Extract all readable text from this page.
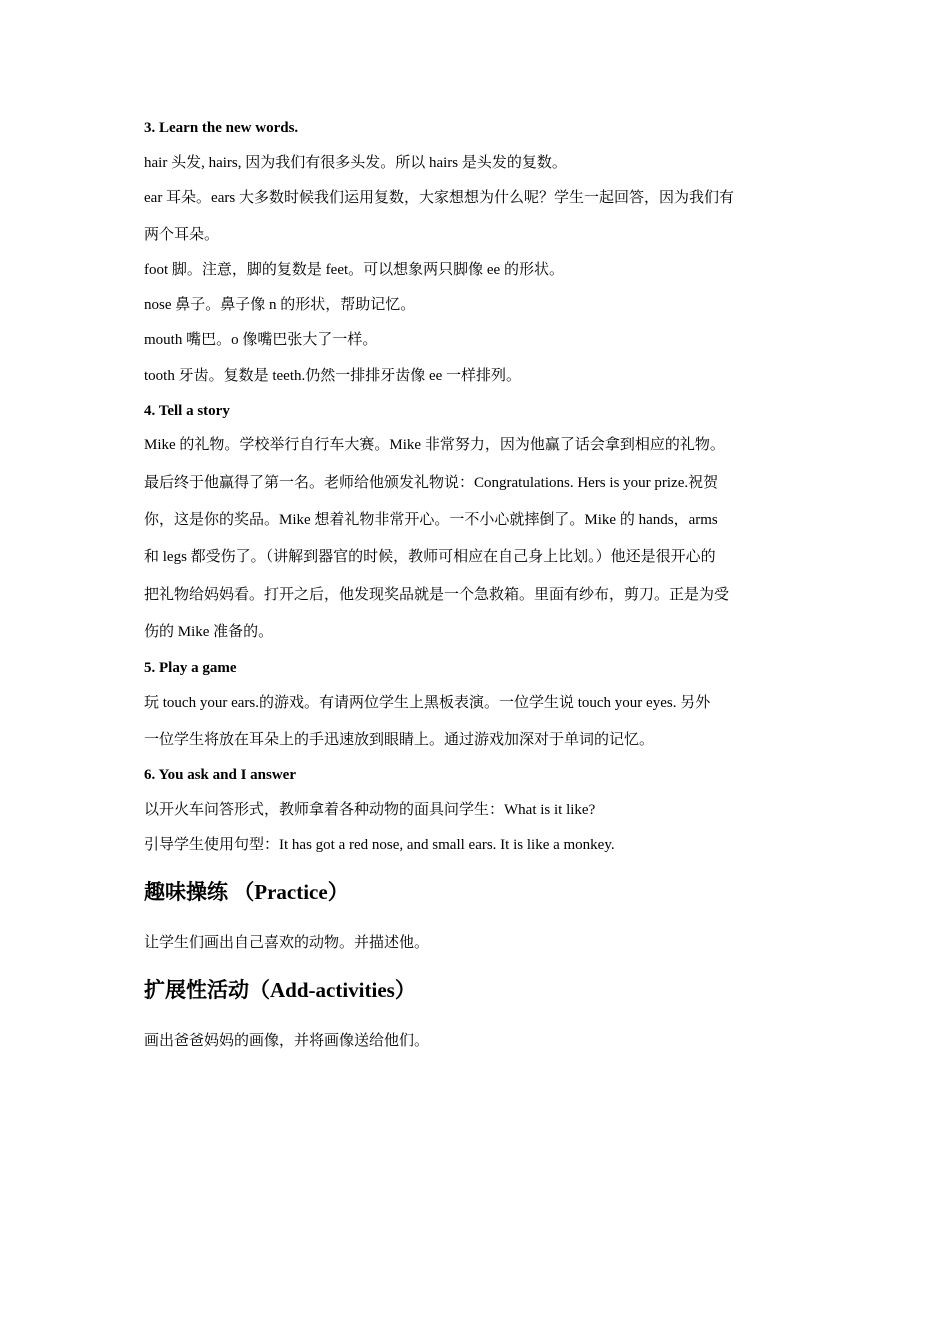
3. Learn the new words.
hair 头发, hairs, 因为我们有很多头发。所以 hairs 是头发的复数。
ear 耳朵。ears 大多数时候我们运用复数，大家想想为什么呢？学生一起回答，因为我们有
两个耳朵。
foot 脚。注意，脚的复数是 feet。可以想象两只脚像 ee 的形状。
nose 鼻子。鼻子像 n 的形状，帮助记忆。
mouth 嘴巴。o 像嘴巴张大了一样。
tooth 牙齿。复数是 teeth.仍然一排排牙齿像 ee 一样排列。
4. Tell a story
Mike 的礼物。学校举行自行车大赛。Mike 非常努力，因为他赢了话会拿到相应的礼物。
最后终于他赢得了第一名。老师给他颁发礼物说：Congratulations. Hers is your prize.祝贺
你，这是你的奖品。Mike 想着礼物非常开心。一不小心就摔倒了。Mike 的 hands，arms
和 legs 都受伤了。（讲解到器官的时候，教师可相应在自己身上比划。）他还是很开心的
把礼物给妈妈看。打开之后，他发现奖品就是一个急救箱。里面有纱布，剪刀。正是为受
伤的 Mike 准备的。
5. Play a game
玩 touch your ears.的游戏。有请两位学生上黑板表演。一位学生说 touch your eyes. 另外
一位学生将放在耳朵上的手迅速放到眼睛上。通过游戏加深对于单词的记忆。
6. You ask and I answer
以开火车问答形式，教师拿着各种动物的面具问学生：What is it like?
引导学生使用句型：It has got a red nose, and small ears. It is like a monkey.
趣味操练 （Practice）
让学生们画出自己喜欢的动物。并描述他。
扩展性活动（Add-activities）
画出爸爸妈妈的画像，并将画像送给他们。
